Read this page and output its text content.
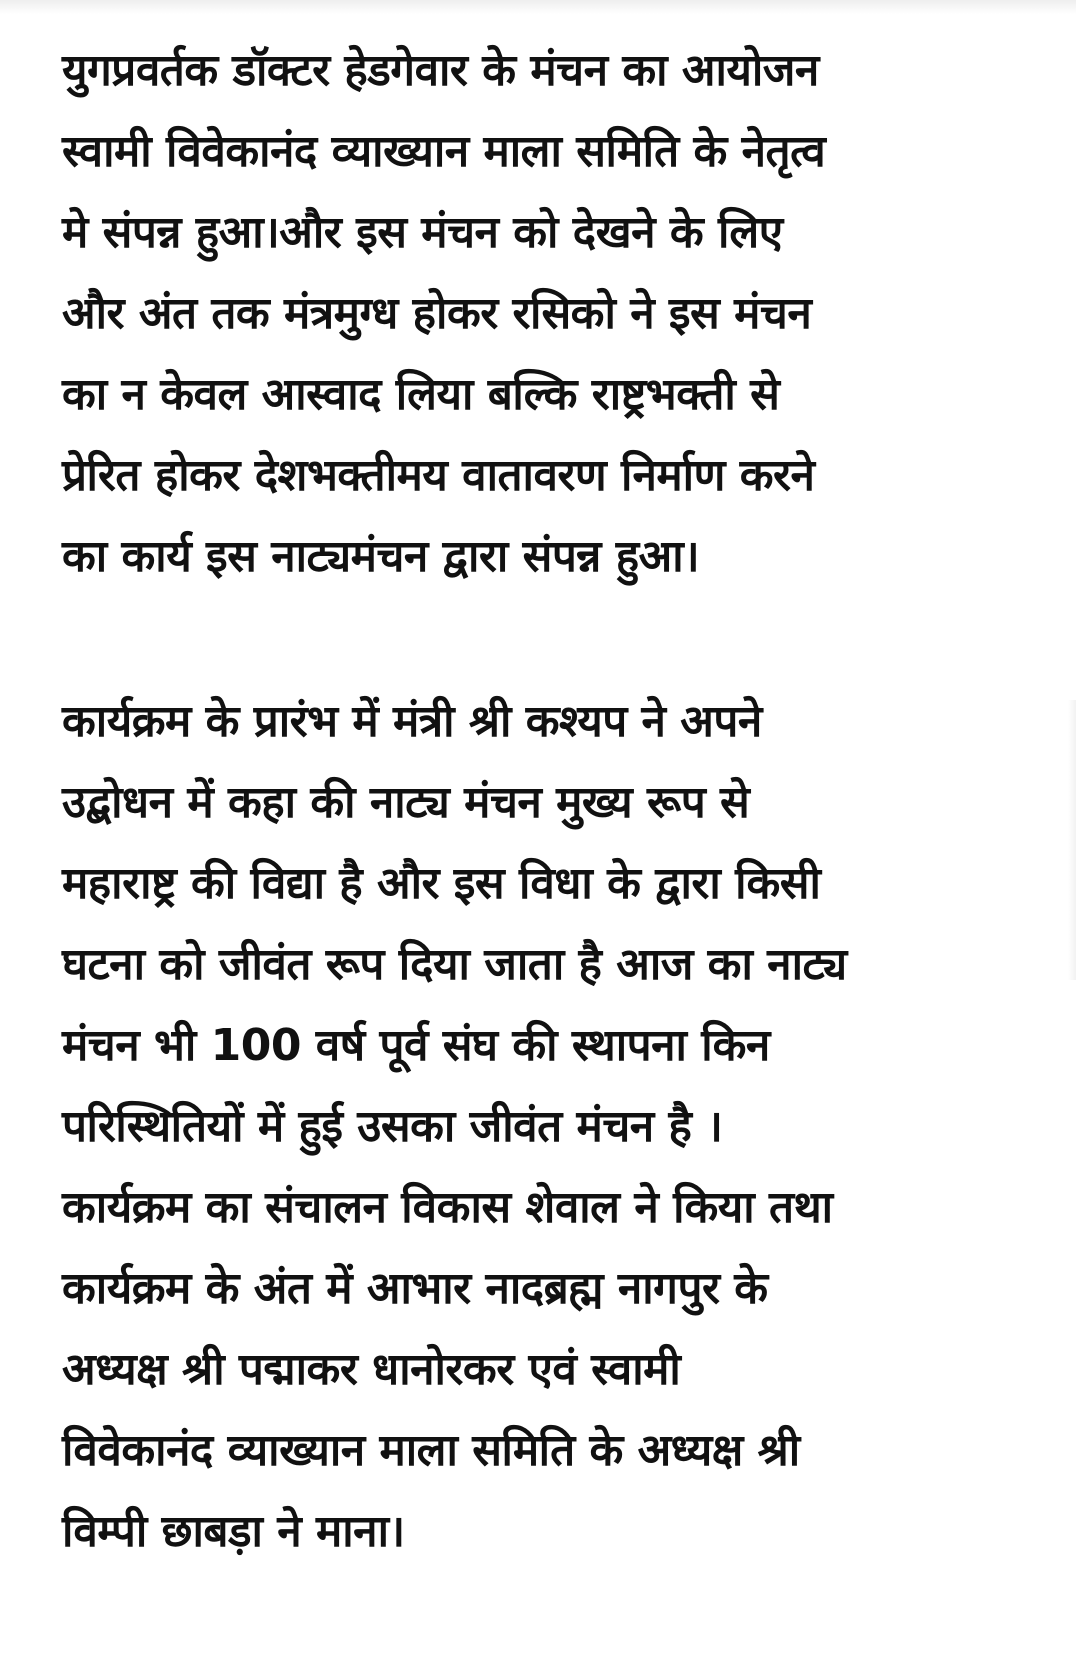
युगप्रवर्तक डॉक्टर हेडगेवार के मंचन का आयोजन
स्वामी विवेकानंद व्याख्यान माला समिति के नेतृत्व
मे संपन्न हुआ।और इस मंचन को देखने के लिए
और अंत तक मंत्रमुग्ध होकर रसिको ने इस मंचन
का न केवल आस्वाद लिया बल्कि राष्ट्रभक्ती से
प्रेरित होकर देशभक्तीमय वातावरण निर्माण करने
का कार्य इस नाट्यमंचन द्वारा संपन्न हुआ।
कार्यक्रम के प्रारंभ में मंत्री श्री कश्यप ने अपने
उद्बोधन में कहा की नाट्य मंचन मुख्य रूप से
महाराष्ट्र की विद्या है और इस विधा के द्वारा किसी
घटना को जीवंत रूप दिया जाता है आज का नाट्य
मंचन भी 100 वर्ष पूर्व संघ की स्थापना किन
परिस्थितियों में हुई उसका जीवंत मंचन है ।
कार्यक्रम का संचालन विकास शेवाल ने किया तथा
कार्यक्रम के अंत में आभार नादब्रह्म नागपुर के
अध्यक्ष श्री पद्माकर धानोरकर एवं स्वामी
विवेकानंद व्याख्यान माला समिति के अध्यक्ष श्री
विम्पी छाबड़ा ने माना।
